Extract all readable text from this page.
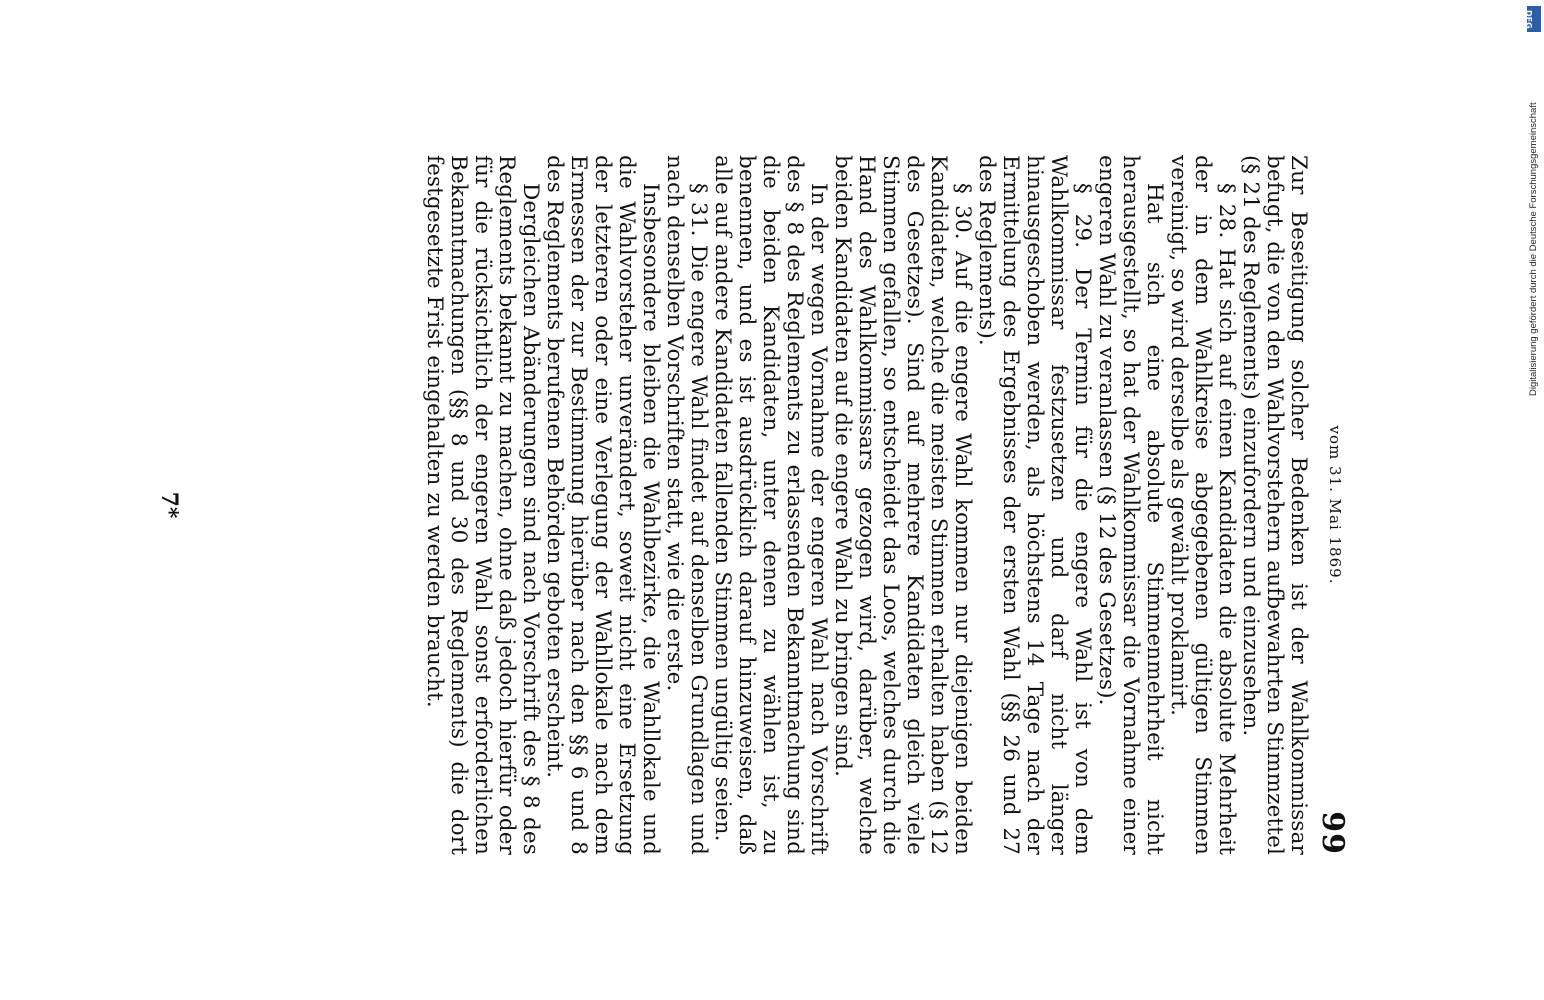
vom 31. Mai 1869.
99

Zur Beseitigung solcher Bedenken ist der Wahlkommissar befugt, die von den Wahlvorstehern aufbewahrten Stimmzettel (§ 21 des Reglements) einzufordern und einzusehen.

§ 28. Hat sich auf einen Kandidaten die absolute Mehrheit der in dem Wahlkreise abgegebenen gültigen Stimmen vereinigt, so wird derselbe als gewählt proklamirt.

Hat sich eine absolute Stimmenmehrheit nicht herausgestellt, so hat der Wahlkommissar die Vornahme einer engeren Wahl zu veranlassen (§ 12 des Gesetzes).

§ 29. Der Termin für die engere Wahl ist von dem Wahlkommissar festzusetzen und darf nicht länger hinausgeschoben werden, als höchstens 14 Tage nach der Ermittelung des Ergebnisses der ersten Wahl (§§ 26 und 27 des Reglements).

§ 30. Auf die engere Wahl kommen nur diejenigen beiden Kandidaten, welche die meisten Stimmen erhalten haben (§ 12 des Gesetzes). Sind auf mehrere Kandidaten gleich viele Stimmen gefallen, so entscheidet das Loos, welches durch die Hand des Wahlkommissars gezogen wird, darüber, welche beiden Kandidaten auf die engere Wahl zu bringen sind.

In der wegen Vornahme der engeren Wahl nach Vorschrift des § 8 des Reglements zu erlassenden Bekanntmachung sind die beiden Kandidaten, unter denen zu wählen ist, zu benennen, und es ist ausdrücklich darauf hinzuweisen, daß alle auf andere Kandidaten fallenden Stimmen ungültig seien.

§ 31. Die engere Wahl findet auf denselben Grundlagen und nach denselben Vorschriften statt, wie die erste.

Insbesondere bleiben die Wahlbezirke, die Wahllokale und die Wahlvorsteher unverändert, soweit nicht eine Ersetzung der letzteren oder eine Verlegung der Wahllokale nach dem Ermessen der zur Bestimmung hierüber nach den §§ 6 und 8 des Reglements berufenen Behörden geboten erscheint.

Dergleichen Abänderungen sind nach Vorschrift des § 8 des Reglements bekannt zu machen, ohne daß jedoch hierfür oder für die rücksichtlich der engeren Wahl sonst erforderlichen Bekanntmachungen (§§ 8 und 30 des Reglements) die dort festgesetzte Frist eingehalten zu werden braucht.

7*
DFG
Digitalisierung gefördert durch die Deutsche Forschungsgemeinschaft
